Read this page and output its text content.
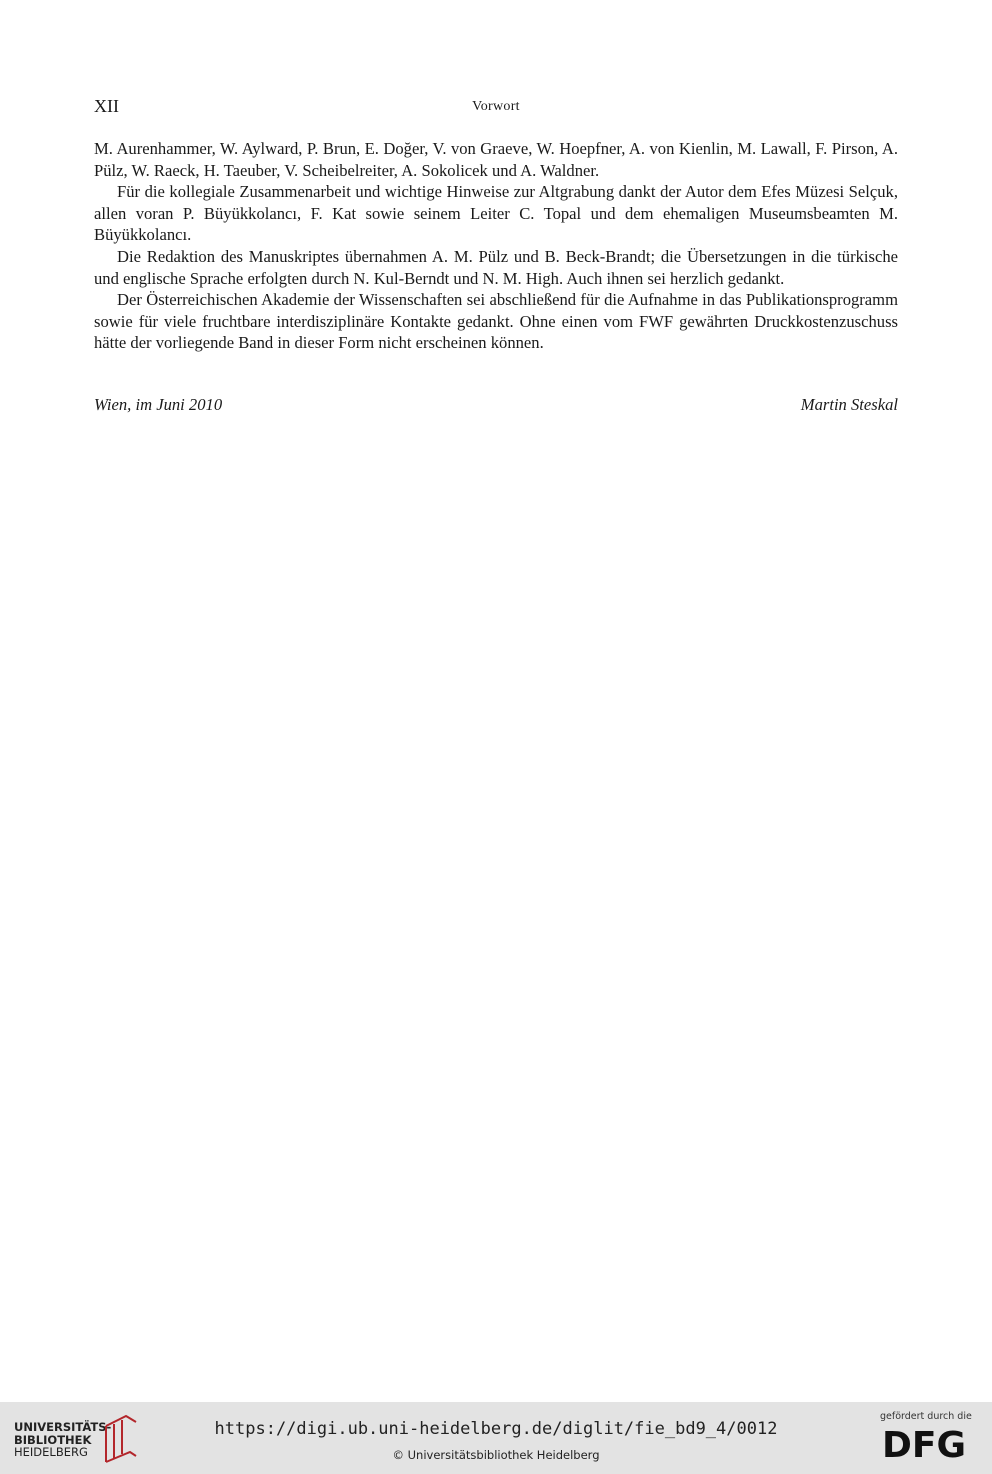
XII	Vorwort

M. Aurenhammer, W. Aylward, P. Brun, E. Doğer, V. von Graeve, W. Hoepfner, A. von Kienlin, M. Lawall, F. Pirson, A. Pülz, W. Raeck, H. Taeuber, V. Scheibelreiter, A. Sokolicek und A. Waldner.

Für die kollegiale Zusammenarbeit und wichtige Hinweise zur Altgrabung dankt der Autor dem Efes Müzesi Selçuk, allen voran P. Büyükkolancı, F. Kat sowie seinem Leiter C. Topal und dem ehemaligen Museumsbeamten M. Büyükkolancı.

Die Redaktion des Manuskriptes übernahmen A. M. Pülz und B. Beck-Brandt; die Übersetzungen in die türkische und englische Sprache erfolgten durch N. Kul-Berndt und N. M. High. Auch ihnen sei herzlich gedankt.

Der Österreichischen Akademie der Wissenschaften sei abschließend für die Aufnahme in das Publikationsprogramm sowie für viele fruchtbare interdisziplinäre Kontakte gedankt. Ohne einen vom FWF gewährten Druckkostenzuschuss hätte der vorliegende Band in dieser Form nicht erscheinen können.

Wien, im Juni 2010	Martin Steskal
UNIVERSITÄTS-
BIBLIOTHEK
HEIDELBERG
https://digi.ub.uni-heidelberg.de/diglit/fie_bd9_4/0012
© Universitätsbibliothek Heidelberg
gefördert durch die
DFG
